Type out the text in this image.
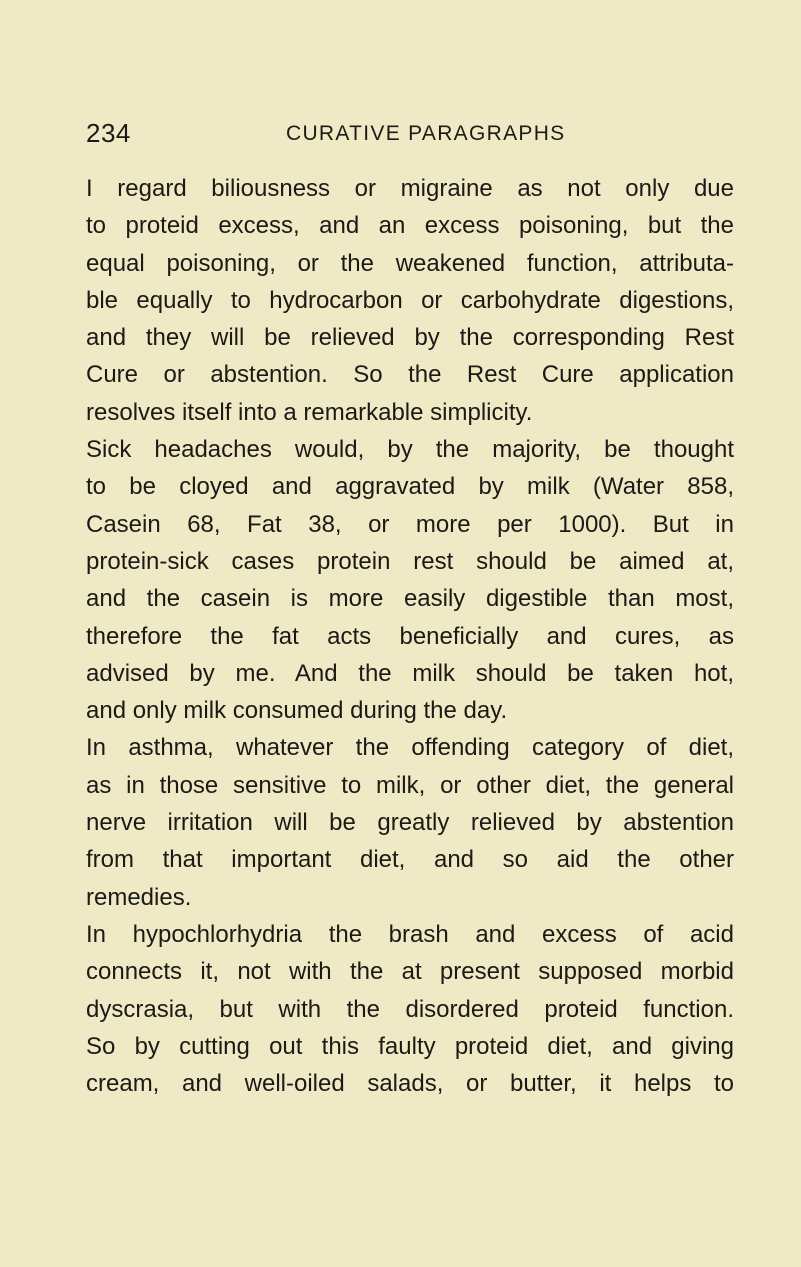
234	CURATIVE PARAGRAPHS
I regard biliousness or migraine as not only due
to proteid excess, and an excess poisoning, but the
equal poisoning, or the weakened function, attributa-
ble equally to hydrocarbon or carbohydrate digestions,
and they will be relieved by the corresponding Rest
Cure or abstention. So the Rest Cure application
resolves itself into a remarkable simplicity.
Sick headaches would, by the majority, be thought
to be cloyed and aggravated by milk (Water 858,
Casein 68, Fat 38, or more per 1000). But in
protein-sick cases protein rest should be aimed at,
and the casein is more easily digestible than most,
therefore the fat acts beneficially and cures, as
advised by me. And the milk should be taken hot,
and only milk consumed during the day.
In asthma, whatever the offending category of diet,
as in those sensitive to milk, or other diet, the general
nerve irritation will be greatly relieved by abstention
from that important diet, and so aid the other
remedies.
In hypochlorhydria the brash and excess of acid
connects it, not with the at present supposed morbid
dyscrasia, but with the disordered proteid function.
So by cutting out this faulty proteid diet, and giving
cream, and well-oiled salads, or butter, it helps to
